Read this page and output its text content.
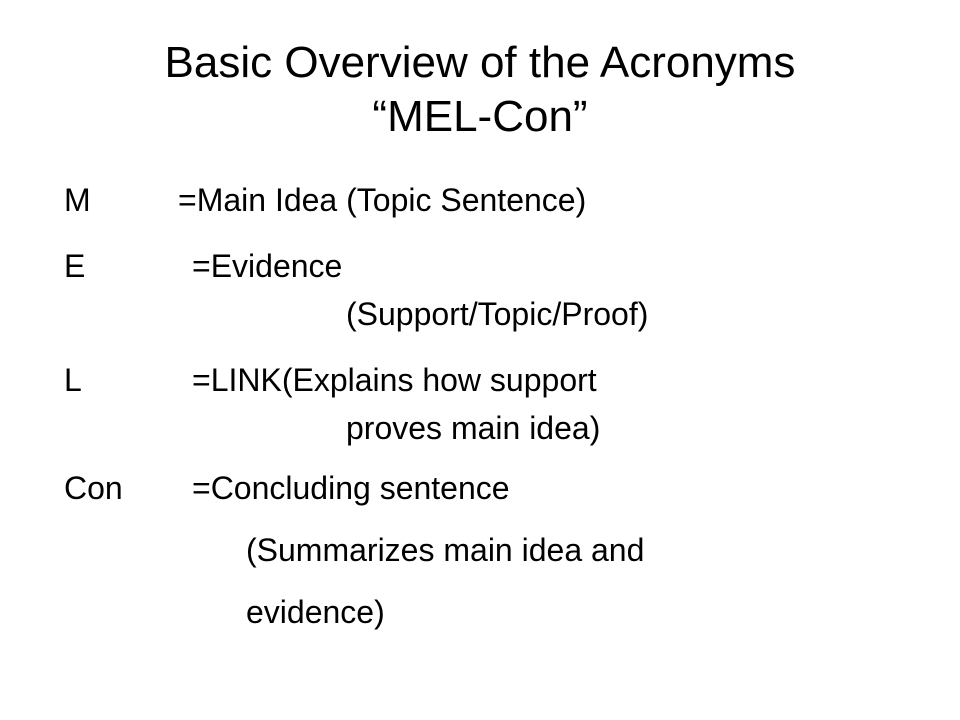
Basic Overview of the Acronyms
“MEL-Con”
M	=Main Idea (Topic Sentence)
E	=Evidence
(Support/Topic/Proof)
L	=LINK(Explains how support
proves main idea)
Con =Concluding sentence
(Summarizes main idea and
evidence)
